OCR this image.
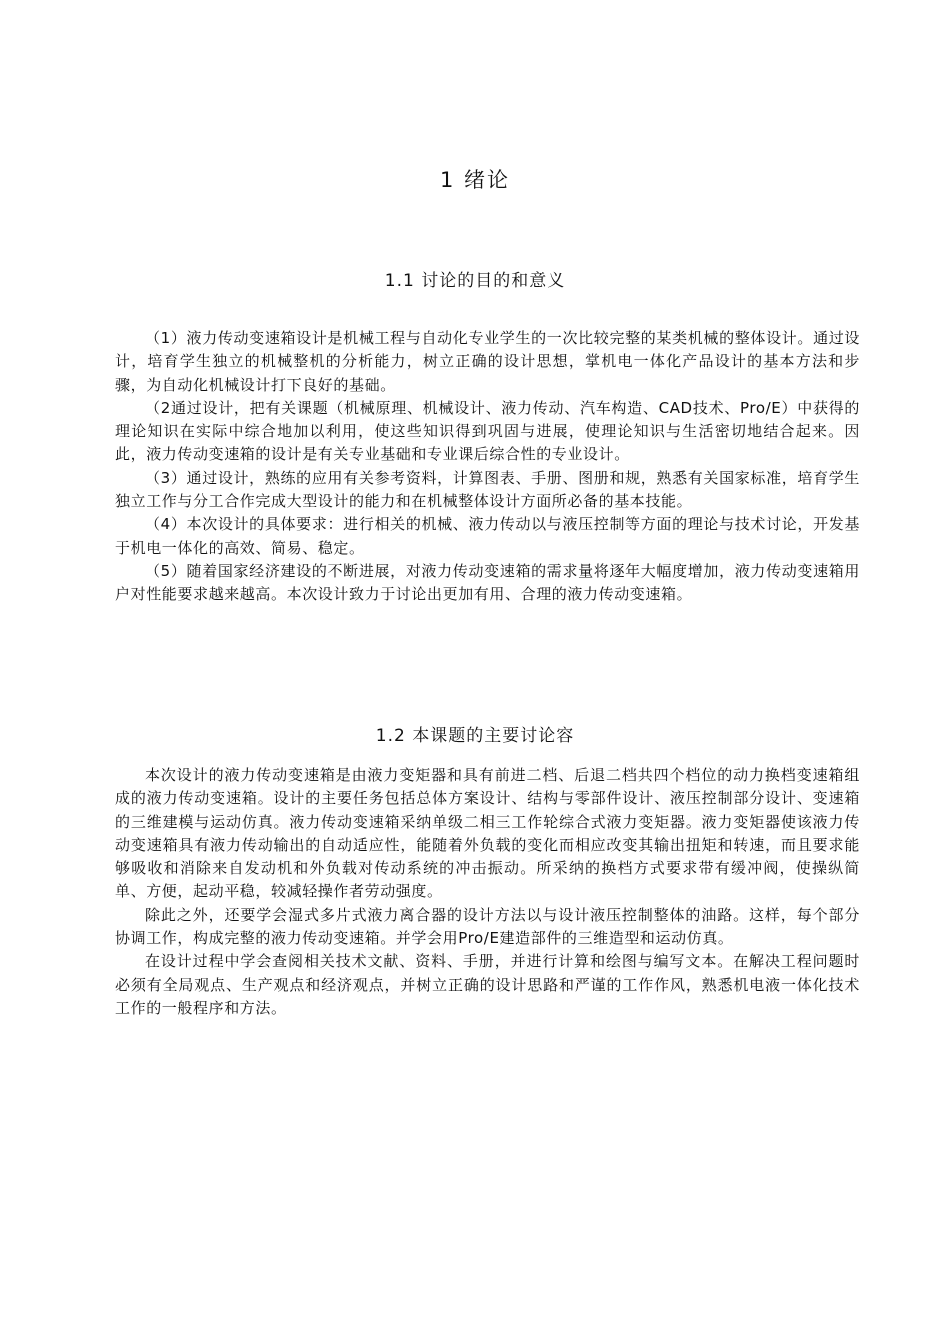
1 绪论
1.1 讨论的目的和意义

（1）液力传动变速箱设计是机械工程与自动化专业学生的一次比较完整的某类机械的整体设计。通过设计，培育学生独立的机械整机的分析能力，树立正确的设计思想，掌机电一体化产品设计的基本方法和步骤，为自动化机械设计打下良好的基础。

（2通过设计，把有关课题（机械原理、机械设计、液力传动、汽车构造、CAD技术、Pro/E）中获得的理论知识在实际中综合地加以利用，使这些知识得到巩固与进展，使理论知识与生活密切地结合起来。因此，液力传动变速箱的设计是有关专业基础和专业课后综合性的专业设计。

（3）通过设计，熟练的应用有关参考资料，计算图表、手册、图册和规，熟悉有关国家标准，培育学生独立工作与分工合作完成大型设计的能力和在机械整体设计方面所必备的基本技能。

（4）本次设计的具体要求：进行相关的机械、液力传动以与液压控制等方面的理论与技术讨论，开发基于机电一体化的高效、简易、稳定。

（5）随着国家经济建设的不断进展，对液力传动变速箱的需求量将逐年大幅度增加，液力传动变速箱用户对性能要求越来越高。本次设计致力于讨论出更加有用、合理的液力传动变速箱。

1.2 本课题的主要讨论容

本次设计的液力传动变速箱是由液力变矩器和具有前进二档、后退二档共四个档位的动力换档变速箱组成的液力传动变速箱。设计的主要任务包括总体方案设计、结构与零部件设计、液压控制部分设计、变速箱的三维建模与运动仿真。液力传动变速箱采纳单级二相三工作轮综合式液力变矩器。液力变矩器使该液力传动变速箱具有液力传动输出的自动适应性，能随着外负载的变化而相应改变其输出扭矩和转速，而且要求能够吸收和消除来自发动机和外负载对传动系统的冲击振动。所采纳的换档方式要求带有缓冲阀，使操纵简单、方便，起动平稳，较减轻操作者劳动强度。

除此之外，还要学会湿式多片式液力离合器的设计方法以与设计液压控制整体的油路。这样，每个部分协调工作，构成完整的液力传动变速箱。并学会用Pro/E建造部件的三维造型和运动仿真。

在设计过程中学会查阅相关技术文献、资料、手册，并进行计算和绘图与编写文本。在解决工程问题时必须有全局观点、生产观点和经济观点，并树立正确的设计思路和严谨的工作作风，熟悉机电液一体化技术工作的一般程序和方法。
